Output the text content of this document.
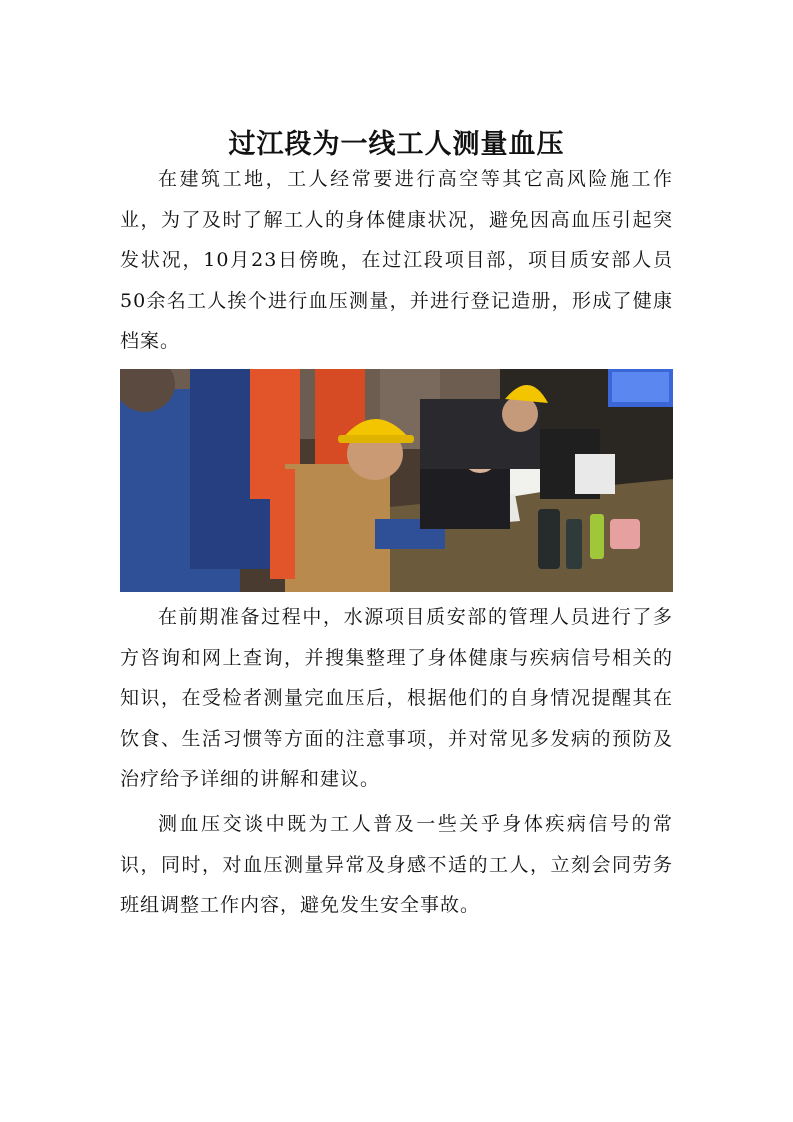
过江段为一线工人测量血压

在建筑工地，工人经常要进行高空等其它高风险施工作业，为了及时了解工人的身体健康状况，避免因高血压引起突发状况，10月23日傍晚，在过江段项目部，项目质安部人员50余名工人挨个进行血压测量，并进行登记造册，形成了健康档案。

在前期准备过程中，水源项目质安部的管理人员进行了多方咨询和网上查询，并搜集整理了身体健康与疾病信号相关的知识，在受检者测量完血压后，根据他们的自身情况提醒其在饮食、生活习惯等方面的注意事项，并对常见多发病的预防及治疗给予详细的讲解和建议。

测血压交谈中既为工人普及一些关乎身体疾病信号的常识，同时，对血压测量异常及身感不适的工人，立刻会同劳务班组调整工作内容，避免发生安全事故。
